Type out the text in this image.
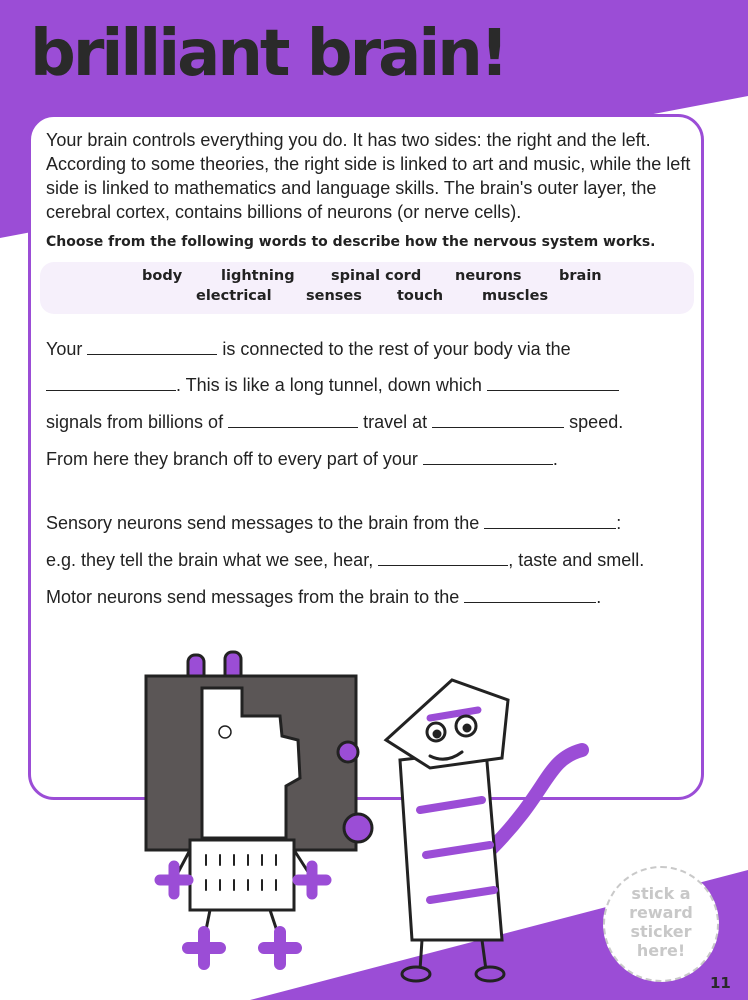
brilliant brain!

Your brain controls everything you do. It has two sides: the right and the left. According to some theories, the right side is linked to art and music, while the left side is linked to mathematics and language skills. The brain's outer layer, the cerebral cortex, contains billions of neurons (or nerve cells).

Choose from the following words to describe how the nervous system works.

body	lightning	spinal cord neurons	brain
electrical senses touch	muscles
Your	is connected to the rest of your body via the
. This is like a long tunnel, down which
signals from billions of	travel at	speed.
From here they branch off to every part of your	.
Sensory neurons send messages to the brain from the	:
e.g. they tell the brain what we see, hear,	, taste and smell.
Motor neurons send messages from the brain to the	.
stick a
reward
sticker
here!
11
